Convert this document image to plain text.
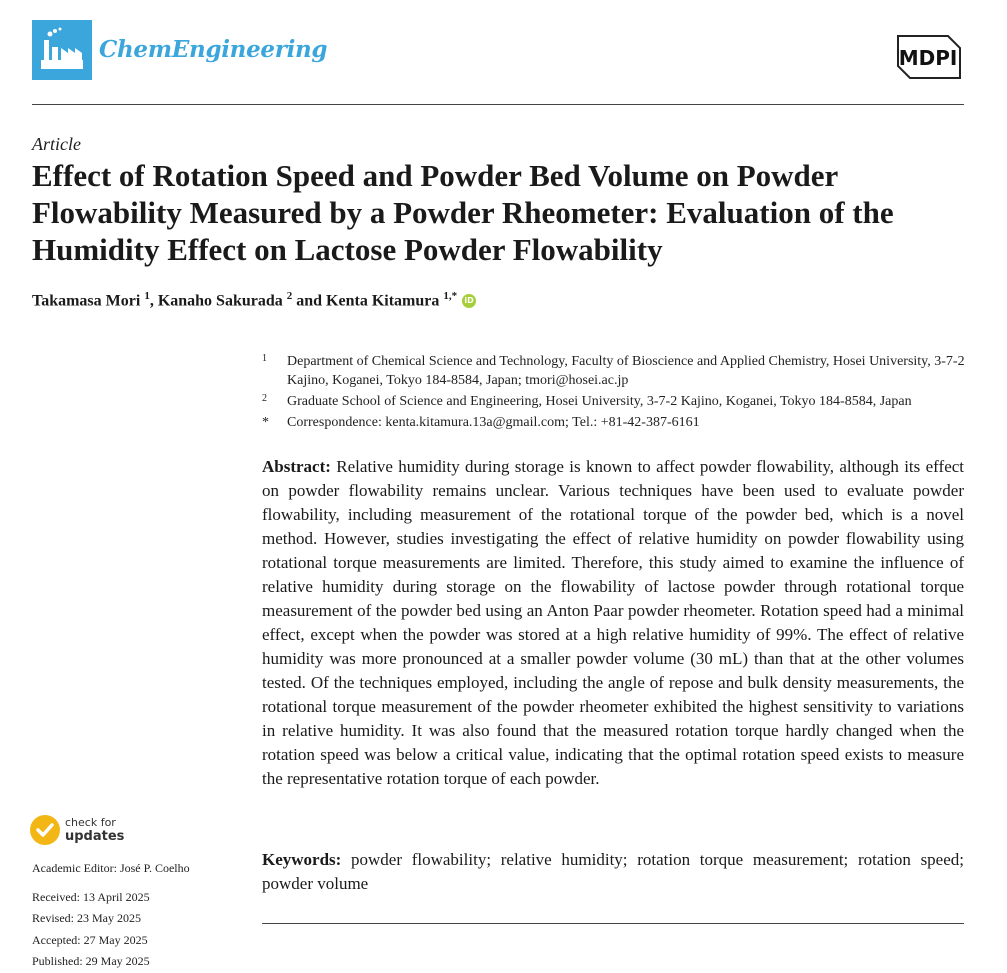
ChemEngineering	MDPI
Article
Effect of Rotation Speed and Powder Bed Volume on Powder Flowability Measured by a Powder Rheometer: Evaluation of the Humidity Effect on Lactose Powder Flowability
Takamasa Mori $^1$, Kanaho Sakurada $^2$ and Kenta Kitamura $^{1,*}$ iD
1 Department of Chemical Science and Technology, Faculty of Bioscience and Applied Chemistry, Hosei University, 3-7-2 Kajino, Koganei, Tokyo 184-8584, Japan; tmori@hosei.ac.jp
2 Graduate School of Science and Engineering, Hosei University, 3-7-2 Kajino, Koganei, Tokyo 184-8584, Japan
* Correspondence: kenta.kitamura.13a@gmail.com; Tel.: +81-42-387-6161
Abstract: Relative humidity during storage is known to affect powder flowability, although its effect on powder flowability remains unclear. Various techniques have been used to evaluate powder flowability, including measurement of the rotational torque of the powder bed, which is a novel method. However, studies investigating the effect of relative humidity on powder flowability using rotational torque measurements are limited. Therefore, this study aimed to examine the influence of relative humidity during storage on the flowability of lactose powder through rotational torque measurement of the powder bed using an Anton Paar powder rheometer. Rotation speed had a minimal effect, except when the powder was stored at a high relative humidity of 99%. The effect of relative humidity was more pronounced at a smaller powder volume (30 mL) than that at the other volumes tested. Of the techniques employed, including the angle of repose and bulk density measurements, the rotational torque measurement of the powder rheometer exhibited the highest sensitivity to variations in relative humidity. It was also found that the measured rotation torque hardly changed when the rotation speed was below a critical value, indicating that the optimal rotation speed exists to measure the representative rotation torque of each powder.
Keywords: powder flowability; relative humidity; rotation torque measurement; rotation speed; powder volume
check for
updates
Academic Editor: José P. Coelho
Received: 13 April 2025
Revised: 23 May 2025
Accepted: 27 May 2025
Published: 29 May 2025
